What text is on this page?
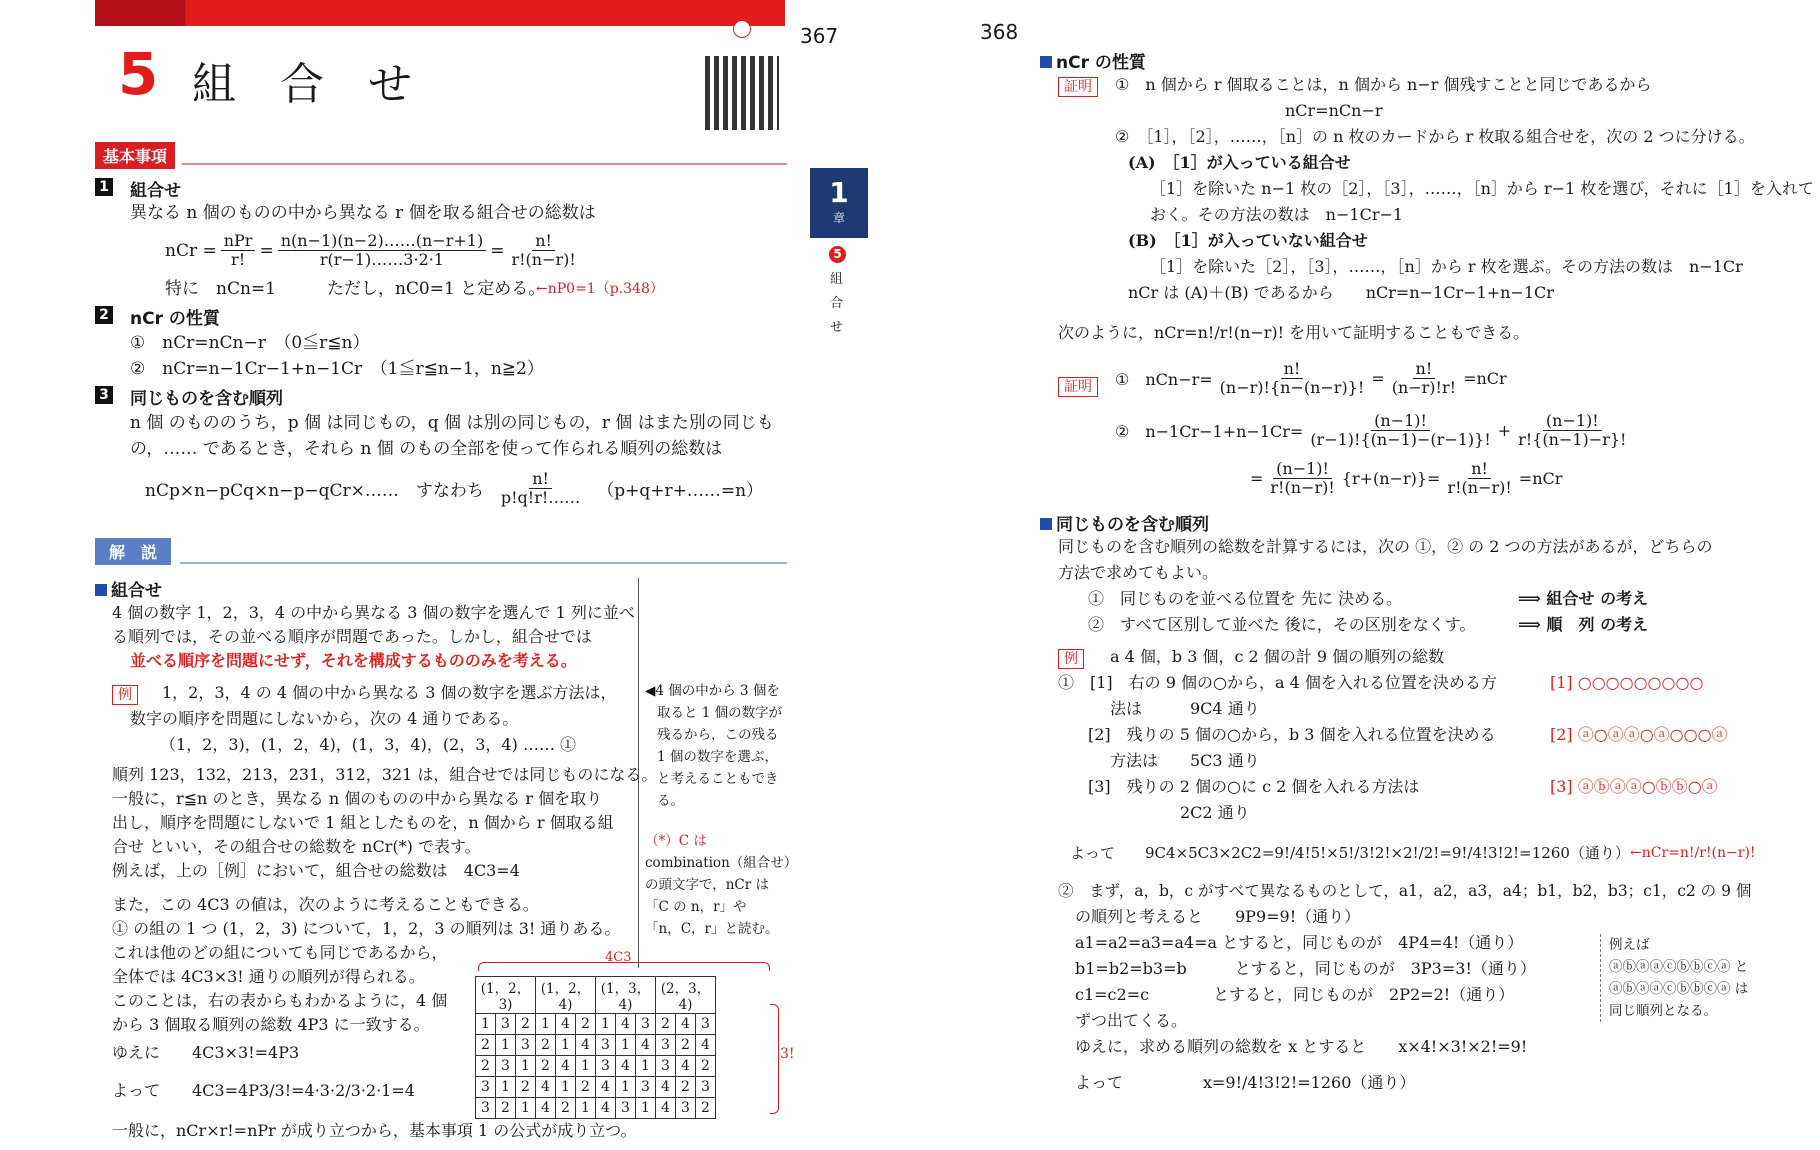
367
5 組　合　せ
1
章
5
組
合
せ
基本事項
1 組合せ
異なる n 個のものの中から異なる r 個を取る組合せの総数は
nCr = $\frac{\text{nPr}}{r!} = \frac{n(n-1)(n-2)\dots\dots(n-r+1)}{r(r-1)\dots\dots 3\cdot 2\cdot 1} = \frac{n!}{r!(n-r)!}$
特に　nCn=1　　　ただし，nC0=1 と定める。
←nP0=1（p.348）
2 nCr の性質
①　nCr=nCn−r　（0≦r≦n）
②　nCr=n−1Cr−1+n−1Cr　（1≦r≦n−1，n≧2）
3 同じものを含む順列
n 個 のもののうち，p 個 は同じもの，q 個 は別の同じもの，r 個 はまた別の同じも
の，…… であるとき，それら n 個 のもの全部を使って作られる順列の総数は
nCp×n−pCq×n−p−qCr×……　すなわち $\frac{n!}{p!q!r!\dots\dots}$ （p+q+r+……=n）
解　説
組合せ
4 個の数字 1，2，3，4 の中から異なる 3 個の数字を選んで 1 列に並べ
る順列では，その並べる順序が問題であった。しかし，組合せでは
並べる順序を問題にせず，それを構成するもののみを考える。
例	1，2，3，4 の 4 個の中から異なる 3 個の数字を選ぶ方法は，
数字の順序を問題にしないから，次の 4 通りである。
（1，2，3)，(1，2，4)，(1，3，4)，(2，3，4) …… ①
順列 123，132，213，231，312，321 は，組合せでは同じものになる。
一般に，r≦n のとき，異なる n 個のものの中から異なる r 個を取り
出し，順序を問題にしないで 1 組としたものを，n 個から r 個取る組
合せ といい，その組合せの総数を nCr(*) で表す。
例えば，上の［例］において，組合せの総数は　4C3=4
また，この 4C3 の値は，次のように考えることもできる。
① の組の 1 つ (1，2，3) について，1，2，3 の順列は 3! 通りある。
これは他のどの組についても同じであるから，
全体では 4C3×3! 通りの順列が得られる。
このことは，右の表からもわかるように，4 個
から 3 個取る順列の総数 4P3 に一致する。
ゆえに　　4C3×3!=4P3
よって　　4C3=4P3/3!=4·3·2/3·2·1=4
一般に，nCr×r!=nPr が成り立つから，基本事項 1 の公式が成り立つ。
◀4 個の中から 3 個を
取ると 1 個の数字が
残るから，この残る
1 個の数字を選ぶ，
と考えることもでき
る。
（*）C は
combination（組合せ）
の頭文字で，nCr は
「C の n，r」や
「n，C，r」と読む。
4C3
(1，2，3)			(1，2，4)			(1，3，4)			(2，3，4)		
1	3	2	1	4	2	1	4	3	2	4	3
2	1	3	2	1	4	3	1	4	3	2	4
2	3	1	2	4	1	3	4	1	3	4	2
3	1	2	4	1	2	4	1	3	4	2	3
3	2	1	4	2	1	4	3	1	4	3	2
3!
368
nCr の性質
証明	①　n 個から r 個取ることは，n 個から n−r 個残すことと同じであるから
nCr=nCn−r
②　［1］，［2］，……，［n］の n 枚のカードから r 枚取る組合せを，次の 2 つに分ける。
(A)　［1］が入っている組合せ
［1］を除いた n−1 枚の［2］，［3］，……，［n］から r−1 枚を選び，それに［1］を入れて
おく。その方法の数は　n−1Cr−1
(B)　［1］が入っていない組合せ
［1］を除いた［2］，［3］，……，［n］から r 枚を選ぶ。その方法の数は　n−1Cr
nCr は (A)＋(B) であるから　　nCr=n−1Cr−1+n−1Cr
次のように，nCr=n!/r!(n−r)! を用いて証明することもできる。
証明	①　$nCn-r= \frac{n!}{(n-r)!\{n-(n-r)\}!} = \frac{n!}{(n-r)!r!} =nCr$
②　$n-1Cr-1+n-1Cr= \frac{(n-1)!}{(r-1)!\{(n-1)-(r-1)\}!} + \frac{(n-1)!}{r!\{(n-1)-r\}!}$
= $\frac{(n-1)!}{r!(n-r)!} \{r+(n-r)\}= \frac{n!}{r!(n-r)!} =nCr$
同じものを含む順列
同じものを含む順列の総数を計算するには，次の ①，② の 2 つの方法があるが，どちらの
方法で求めてもよい。
①　同じものを並べる位置を 先に 決める。	⟹ 組合せ の考え
②　すべて区別して並べた 後に，その区別をなくす。	⟹ 順　列 の考え
例	a 4 個，b 3 個，c 2 個の計 9 個の順列の総数
①　[1]　右の 9 個の○から，a 4 個を入れる位置を決める方
法は　　　9C4 通り
[2]　残りの 5 個の○から，b 3 個を入れる位置を決める
方法は　　5C3 通り
[3]　残りの 2 個の○に c 2 個を入れる方法は
2C2 通り
[1] ○○○○○○○○○
[2] ⓐ○ⓐⓐ○ⓐ○○○ⓐ
[3] ⓐⓑⓐⓐ○ⓑⓑ○ⓐ
よって　　9C4×5C3×2C2=9!/4!5!×5!/3!2!×2!/2!=9!/4!3!2!=1260（通り） ←nCr=n!/r!(n−r)!
②　まず，a，b，c がすべて異なるものとして，a1，a2，a3，a4；b1，b2，b3；c1，c2 の 9 個
の順列と考えると　　9P9=9!（通り）
a1=a2=a3=a4=a とすると，同じものが　4P4=4!（通り）
b1=b2=b3=b　　　とすると，同じものが　3P3=3!（通り）
c1=c2=c　　　　とすると，同じものが　2P2=2!（通り）
ずつ出てくる。
ゆえに，求める順列の総数を x とすると　　x×4!×3!×2!=9!
よって　　　　　x=9!/4!3!2!=1260（通り）
例えば
ⓐⓑⓐⓐⓒⓑⓑⓒⓐ と
ⓐⓑⓐⓐⓒⓑⓑⓒⓐ は
同じ順列となる。
